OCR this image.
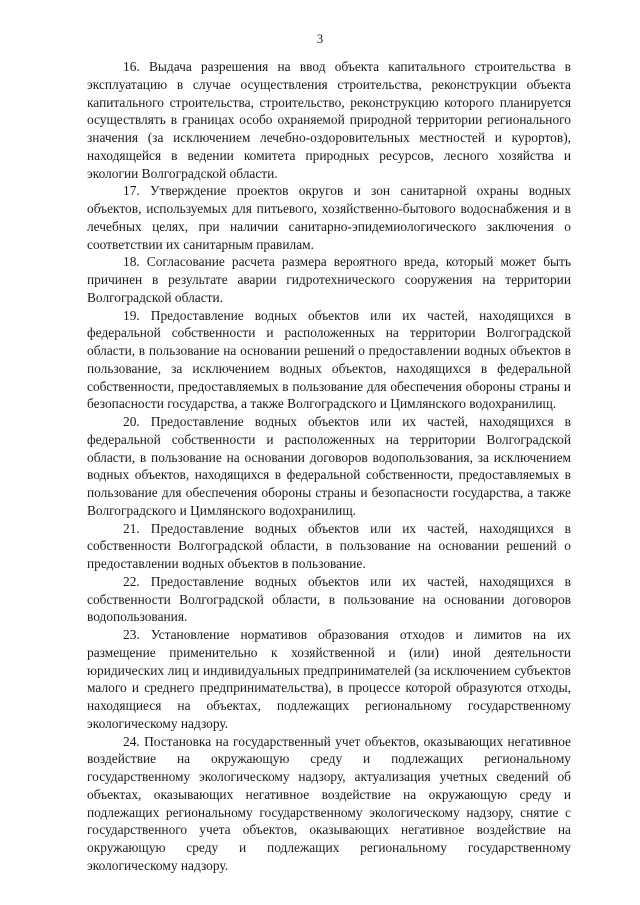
3

16. Выдача разрешения на ввод объекта капитального строительства в эксплуатацию в случае осуществления строительства, реконструкции объекта капитального строительства, строительство, реконструкцию которого планируется осуществлять в границах особо охраняемой природной территории регионального значения (за исключением лечебно-оздоровительных местностей и курортов), находящейся в ведении комитета природных ресурсов, лесного хозяйства и экологии Волгоградской области.

17. Утверждение проектов округов и зон санитарной охраны водных объектов, используемых для питьевого, хозяйственно-бытового водоснабжения и в лечебных целях, при наличии санитарно-эпидемиологического заключения о соответствии их санитарным правилам.

18. Согласование расчета размера вероятного вреда, который может быть причинен в результате аварии гидротехнического сооружения на территории Волгоградской области.

19. Предоставление водных объектов или их частей, находящихся в федеральной собственности и расположенных на территории Волгоградской области, в пользование на основании решений о предоставлении водных объектов в пользование, за исключением водных объектов, находящихся в федеральной собственности, предоставляемых в пользование для обеспечения обороны страны и безопасности государства, а также Волгоградского и Цимлянского водохранилищ.

20. Предоставление водных объектов или их частей, находящихся в федеральной собственности и расположенных на территории Волгоградской области, в пользование на основании договоров водопользования, за исключением водных объектов, находящихся в федеральной собственности, предоставляемых в пользование для обеспечения обороны страны и безопасности государства, а также Волгоградского и Цимлянского водохранилищ.

21. Предоставление водных объектов или их частей, находящихся в собственности Волгоградской области, в пользование на основании решений о предоставлении водных объектов в пользование.

22. Предоставление водных объектов или их частей, находящихся в собственности Волгоградской области, в пользование на основании договоров водопользования.

23. Установление нормативов образования отходов и лимитов на их размещение применительно к хозяйственной и (или) иной деятельности юридических лиц и индивидуальных предпринимателей (за исключением субъектов малого и среднего предпринимательства), в процессе которой образуются отходы, находящиеся на объектах, подлежащих региональному государственному экологическому надзору.

24. Постановка на государственный учет объектов, оказывающих негативное воздействие на окружающую среду и подлежащих региональному государственному экологическому надзору, актуализация учетных сведений об объектах, оказывающих негативное воздействие на окружающую среду и подлежащих региональному государственному экологическому надзору, снятие с государственного учета объектов, оказывающих негативное воздействие на окружающую среду и подлежащих региональному государственному экологическому надзору.
